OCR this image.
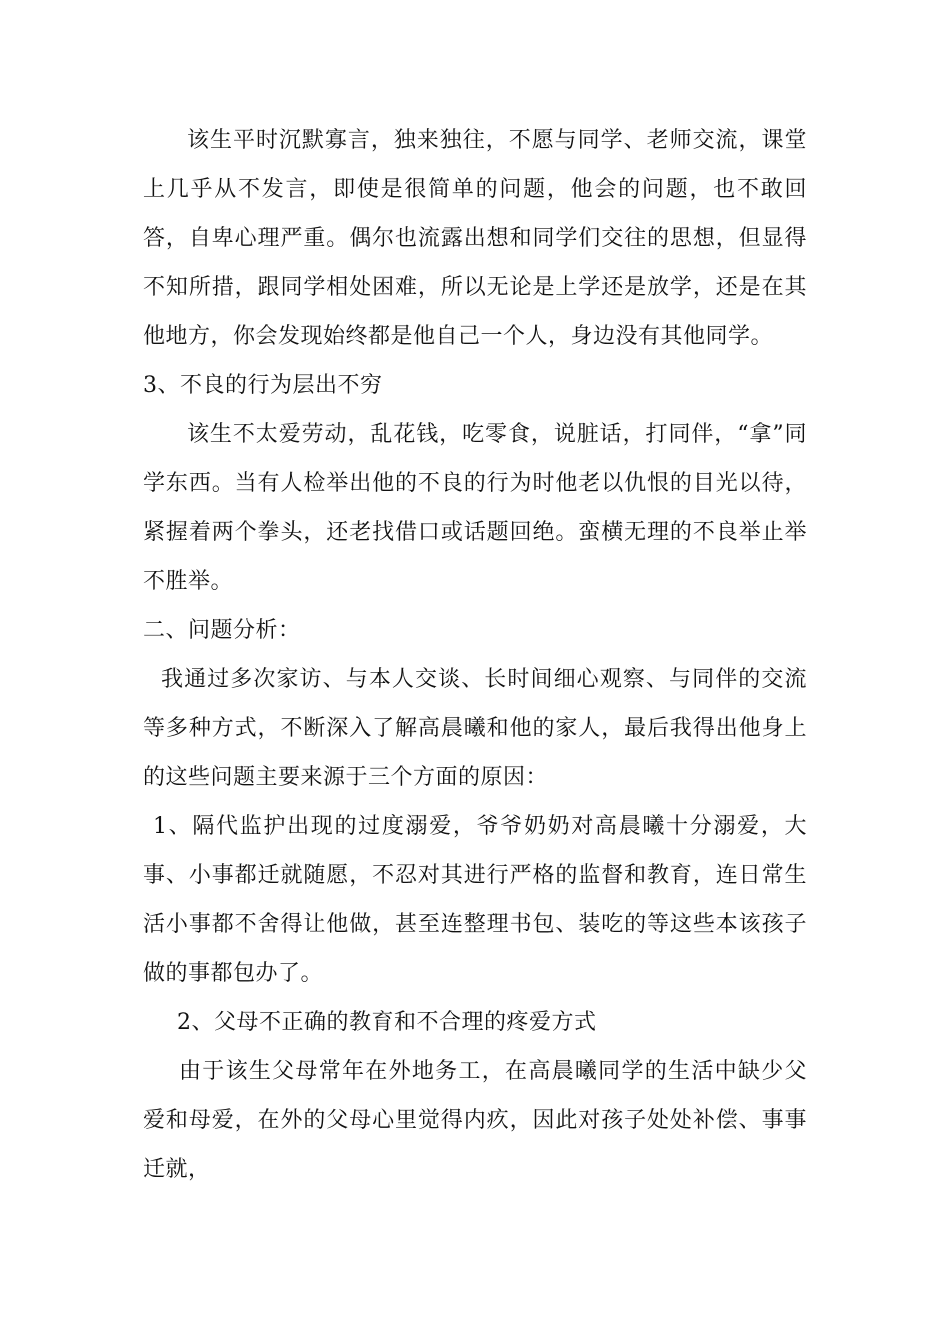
该生平时沉默寡言，独来独往，不愿与同学、老师交流，课堂上几乎从不发言，即使是很简单的问题，他会的问题，也不敢回答，自卑心理严重。偶尔也流露出想和同学们交往的思想，但显得不知所措，跟同学相处困难，所以无论是上学还是放学，还是在其他地方，你会发现始终都是他自己一个人，身边没有其他同学。

3、不良的行为层出不穷

该生不太爱劳动，乱花钱，吃零食，说脏话，打同伴，“拿”同学东西。当有人检举出他的不良的行为时他老以仇恨的目光以待，紧握着两个拳头，还老找借口或话题回绝。蛮横无理的不良举止举不胜举。

二、问题分析：

我通过多次家访、与本人交谈、长时间细心观察、与同伴的交流等多种方式，不断深入了解高晨曦和他的家人，最后我得出他身上的这些问题主要来源于三个方面的原因：

1、隔代监护出现的过度溺爱，爷爷奶奶对高晨曦十分溺爱，大事、小事都迁就随愿，不忍对其进行严格的监督和教育，连日常生活小事都不舍得让他做，甚至连整理书包、装吃的等这些本该孩子做的事都包办了。

2、父母不正确的教育和不合理的疼爱方式

由于该生父母常年在外地务工，在高晨曦同学的生活中缺少父爱和母爱，在外的父母心里觉得内疚，因此对孩子处处补偿、事事迁就，
